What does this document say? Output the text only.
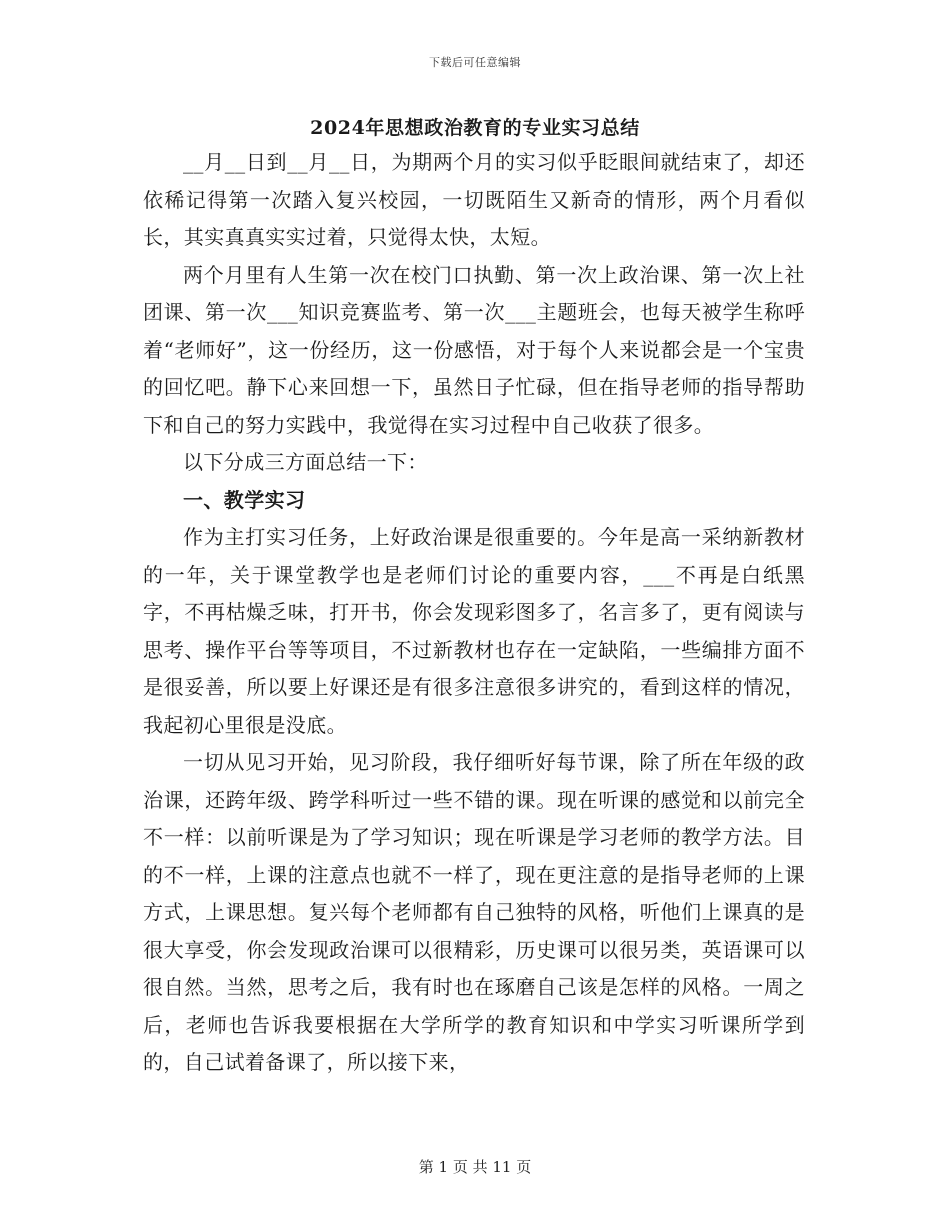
下载后可任意编辑
2024年思想政治教育的专业实习总结

__月__日到__月__日，为期两个月的实习似乎眨眼间就结束了，却还依稀记得第一次踏入复兴校园，一切既陌生又新奇的情形，两个月看似长，其实真真实实过着，只觉得太快，太短。

两个月里有人生第一次在校门口执勤、第一次上政治课、第一次上社团课、第一次___知识竞赛监考、第一次___主题班会，也每天被学生称呼着“老师好”，这一份经历，这一份感悟，对于每个人来说都会是一个宝贵的回忆吧。静下心来回想一下，虽然日子忙碌，但在指导老师的指导帮助下和自己的努力实践中，我觉得在实习过程中自己收获了很多。

以下分成三方面总结一下：

一、教学实习

作为主打实习任务，上好政治课是很重要的。今年是高一采纳新教材的一年，关于课堂教学也是老师们讨论的重要内容，___不再是白纸黑字，不再枯燥乏味，打开书，你会发现彩图多了，名言多了，更有阅读与思考、操作平台等等项目，不过新教材也存在一定缺陷，一些编排方面不是很妥善，所以要上好课还是有很多注意很多讲究的，看到这样的情况，我起初心里很是没底。

一切从见习开始，见习阶段，我仔细听好每节课，除了所在年级的政治课，还跨年级、跨学科听过一些不错的课。现在听课的感觉和以前完全不一样：以前听课是为了学习知识；现在听课是学习老师的教学方法。目的不一样，上课的注意点也就不一样了，现在更注意的是指导老师的上课方式，上课思想。复兴每个老师都有自己独特的风格，听他们上课真的是很大享受，你会发现政治课可以很精彩，历史课可以很另类，英语课可以很自然。当然，思考之后，我有时也在琢磨自己该是怎样的风格。一周之后，老师也告诉我要根据在大学所学的教育知识和中学实习听课所学到的，自己试着备课了，所以接下来，

第 1 页 共 11 页
